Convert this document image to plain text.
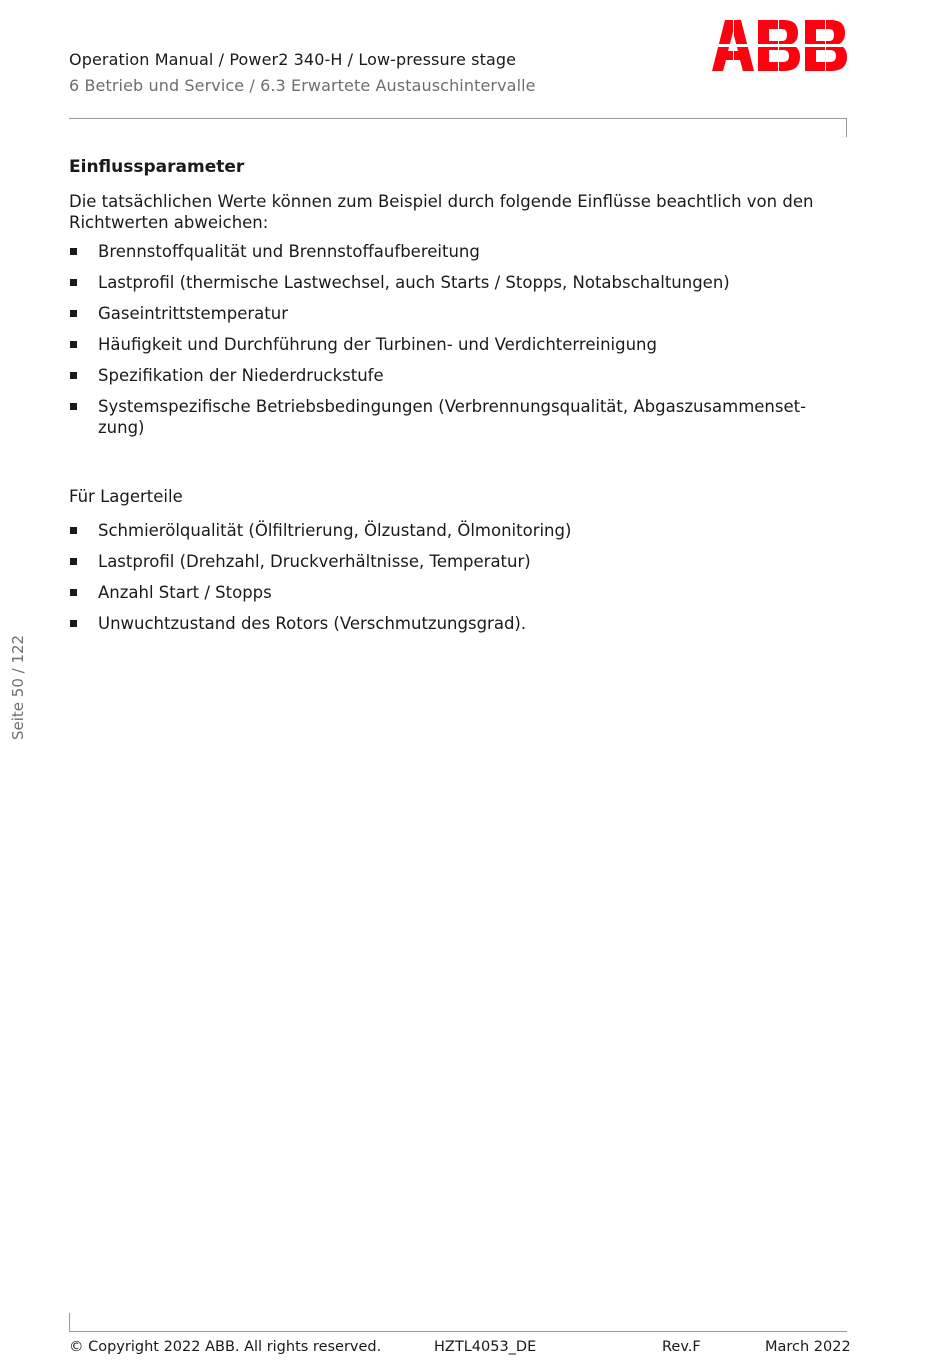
Operation Manual / Power2 340-H / Low-pressure stage
6 Betrieb und Service / 6.3 Erwartete Austauschintervalle
Seite 50 / 122
Einflussparameter
Die tatsächlichen Werte können zum Beispiel durch folgende Einflüsse beachtlich von den Richtwerten abweichen:
Brennstoffqualität und Brennstoffaufbereitung
Lastprofil (thermische Lastwechsel, auch Starts / Stopps, Notabschaltungen)
Gaseintrittstemperatur
Häufigkeit und Durchführung der Turbinen- und Verdichterreinigung
Spezifikation der Niederdruckstufe
Systemspezifische Betriebsbedingungen (Verbrennungsqualität, Abgaszusammenset-zung)
Für Lagerteile
Schmierölqualität (Ölfiltrierung, Ölzustand, Ölmonitoring)
Lastprofil (Drehzahl, Druckverhältnisse, Temperatur)
Anzahl Start / Stopps
Unwuchtzustand des Rotors (Verschmutzungsgrad).
© Copyright 2022 ABB. All rights reserved.	HZTL4053_DE	Rev.F	March 2022
